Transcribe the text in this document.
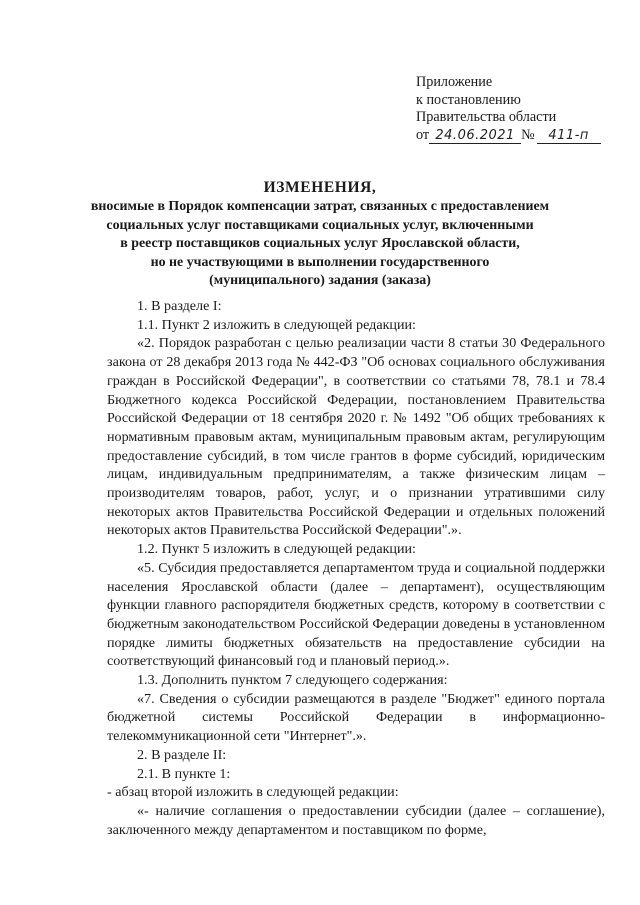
Приложение
к постановлению
Правительства области
от 24.06.2021 № 411-п
ИЗМЕНЕНИЯ,
вносимые в Порядок компенсации затрат, связанных с предоставлением
социальных услуг поставщиками социальных услуг, включенными
в реестр поставщиков социальных услуг Ярославской области,
но не участвующими в выполнении государственного
(муниципального) задания (заказа)

1. В разделе I:

1.1. Пункт 2 изложить в следующей редакции:

«2. Порядок разработан с целью реализации части 8 статьи 30 Федерального закона от 28 декабря 2013 года № 442-ФЗ "Об основах социального обслуживания граждан в Российской Федерации", в соответствии со статьями 78, 78.1 и 78.4 Бюджетного кодекса Российской Федерации, постановлением Правительства Российской Федерации от 18 сентября 2020 г. № 1492 "Об общих требованиях к нормативным правовым актам, муниципальным правовым актам, регулирующим предоставление субсидий, в том числе грантов в форме субсидий, юридическим лицам, индивидуальным предпринимателям, а также физическим лицам – производителям товаров, работ, услуг, и о признании утратившими силу некоторых актов Правительства Российской Федерации и отдельных положений некоторых актов Правительства Российской Федерации".».

1.2. Пункт 5 изложить в следующей редакции:

«5. Субсидия предоставляется департаментом труда и социальной поддержки населения Ярославской области (далее – департамент), осуществляющим функции главного распорядителя бюджетных средств, которому в соответствии с бюджетным законодательством Российской Федерации доведены в установленном порядке лимиты бюджетных обязательств на предоставление субсидии на соответствующий финансовый год и плановый период.».

1.3. Дополнить пунктом 7 следующего содержания:

«7. Сведения о субсидии размещаются в разделе "Бюджет" единого портала бюджетной системы Российской Федерации в информационно-телекоммуникационной сети "Интернет".».

2. В разделе II:

2.1. В пункте 1:

- абзац второй изложить в следующей редакции:

«- наличие соглашения о предоставлении субсидии (далее – соглашение), заключенного между департаментом и поставщиком по форме,
